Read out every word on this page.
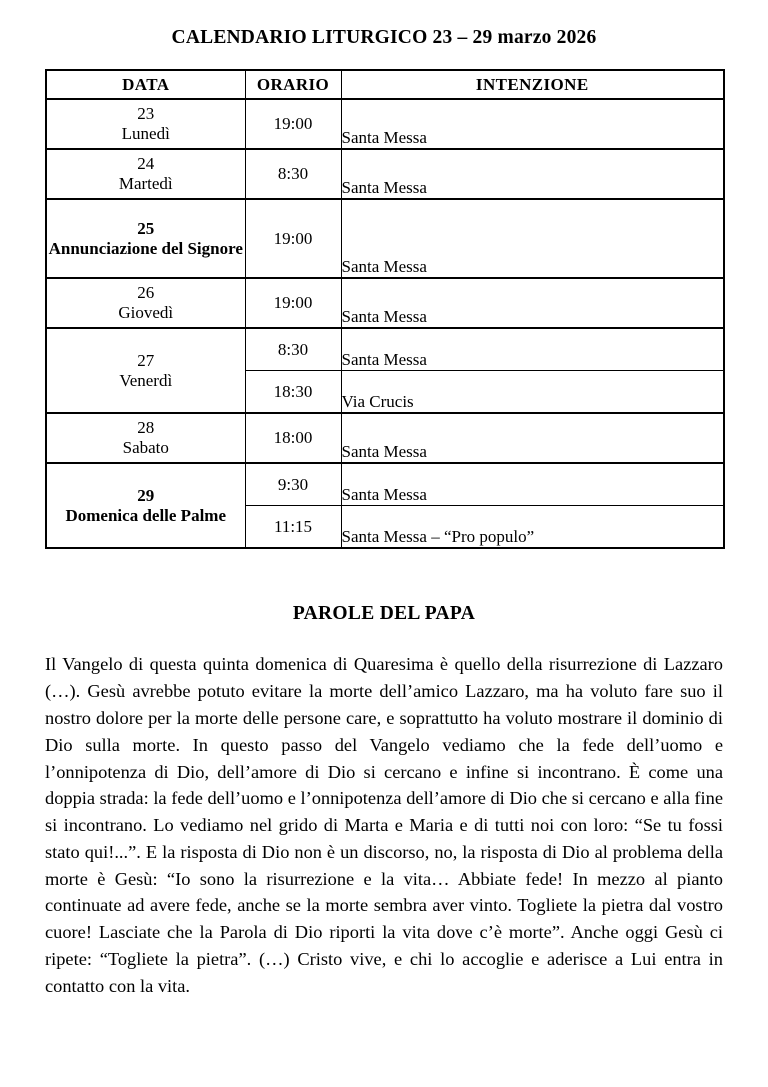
CALENDARIO LITURGICO 23 – 29 marzo 2026
DATA	ORARIO	INTENZIONE

23
Lunedì	19:00	Santa Messa

24
Martedì	8:30	Santa Messa

25
Annunciazione del Signore	19:00	Santa Messa

26
Giovedì	19:00	Santa Messa

27
Venerdì	8:30	Santa Messa
	18:30	Via Crucis

28
Sabato	18:00	Santa Messa

29
Domenica delle Palme	9:30	Santa Messa
	11:15	Santa Messa – “Pro populo”
PAROLE DEL PAPA

Il Vangelo di questa quinta domenica di Quaresima è quello della risurrezione di Lazzaro (…). Gesù avrebbe potuto evitare la morte dell’amico Lazzaro, ma ha voluto fare suo il nostro dolore per la morte delle persone care, e soprattutto ha voluto mostrare il dominio di Dio sulla morte. In questo passo del Vangelo vediamo che la fede dell’uomo e l’onnipotenza di Dio, dell’amore di Dio si cercano e infine si incontrano. È come una doppia strada: la fede dell’uomo e l’onnipotenza dell’amore di Dio che si cercano e alla fine si incontrano. Lo vediamo nel grido di Marta e Maria e di tutti noi con loro: “Se tu fossi stato qui!...”. E la risposta di Dio non è un discorso, no, la risposta di Dio al problema della morte è Gesù: “Io sono la risurrezione e la vita… Abbiate fede! In mezzo al pianto continuate ad avere fede, anche se la morte sembra aver vinto. Togliete la pietra dal vostro cuore! Lasciate che la Parola di Dio riporti la vita dove c’è morte”. Anche oggi Gesù ci ripete: “Togliete la pietra”. (…) Cristo vive, e chi lo accoglie e aderisce a Lui entra in contatto con la vita.
